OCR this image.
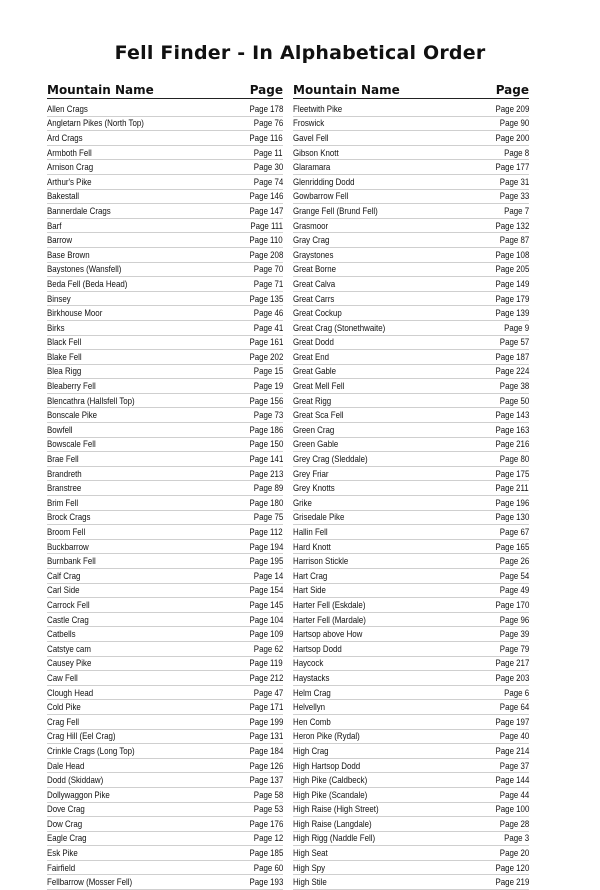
Fell Finder - In Alphabetical Order
Mountain Name	Page
Allen Crags	Page 178
Angletarn Pikes (North Top)	Page 76
Ard Crags	Page 116
Armboth Fell	Page 11
Arnison Crag	Page 30
Arthur's Pike	Page 74
Bakestall	Page 146
Bannerdale Crags	Page 147
Barf	Page 111
Barrow	Page 110
Base Brown	Page 208
Baystones (Wansfell)	Page 70
Beda Fell (Beda Head)	Page 71
Binsey	Page 135
Birkhouse Moor	Page 46
Birks	Page 41
Black Fell	Page 161
Blake Fell	Page 202
Blea Rigg	Page 15
Bleaberry Fell	Page 19
Blencathra (Hallsfell Top)	Page 156
Bonscale Pike	Page 73
Bowfell	Page 186
Bowscale Fell	Page 150
Brae Fell	Page 141
Brandreth	Page 213
Branstree	Page 89
Brim Fell	Page 180
Brock Crags	Page 75
Broom Fell	Page 112
Buckbarrow	Page 194
Burnbank Fell	Page 195
Calf Crag	Page 14
Carl Side	Page 154
Carrock Fell	Page 145
Castle Crag	Page 104
Catbells	Page 109
Catstye cam	Page 62
Causey Pike	Page 119
Caw Fell	Page 212
Clough Head	Page 47
Cold Pike	Page 171
Crag Fell	Page 199
Crag Hill (Eel Crag)	Page 131
Crinkle Crags (Long Top)	Page 184
Dale Head	Page 126
Dodd (Skiddaw)	Page 137
Dollywaggon Pike	Page 58
Dove Crag	Page 53
Dow Crag	Page 176
Eagle Crag	Page 12
Esk Pike	Page 185
Fairfield	Page 60
Fellbarrow (Mosser Fell)	Page 193
Mountain Name	Page
Fleetwith Pike	Page 209
Froswick	Page 90
Gavel Fell	Page 200
Gibson Knott	Page 8
Glaramara	Page 177
Glenridding Dodd	Page 31
Gowbarrow Fell	Page 33
Grange Fell (Brund Fell)	Page 7
Grasmoor	Page 132
Gray Crag	Page 87
Graystones	Page 108
Great Borne	Page 205
Great Calva	Page 149
Great Carrs	Page 179
Great Cockup	Page 139
Great Crag (Stonethwaite)	Page 9
Great Dodd	Page 57
Great End	Page 187
Great Gable	Page 224
Great Mell Fell	Page 38
Great Rigg	Page 50
Great Sca Fell	Page 143
Green Crag	Page 163
Green Gable	Page 216
Grey Crag (Sleddale)	Page 80
Grey Friar	Page 175
Grey Knotts	Page 211
Grike	Page 196
Grisedale Pike	Page 130
Hallin Fell	Page 67
Hard Knott	Page 165
Harrison Stickle	Page 26
Hart Crag	Page 54
Hart Side	Page 49
Harter Fell (Eskdale)	Page 170
Harter Fell (Mardale)	Page 96
Hartsop above How	Page 39
Hartsop Dodd	Page 79
Haycock	Page 217
Haystacks	Page 203
Helm Crag	Page 6
Helvellyn	Page 64
Hen Comb	Page 197
Heron Pike (Rydal)	Page 40
High Crag	Page 214
High Hartsop Dodd	Page 37
High Pike (Caldbeck)	Page 144
High Pike (Scandale)	Page 44
High Raise (High Street)	Page 100
High Raise (Langdale)	Page 28
High Rigg (Naddle Fell)	Page 3
High Seat	Page 20
High Spy	Page 120
High Stile	Page 219
